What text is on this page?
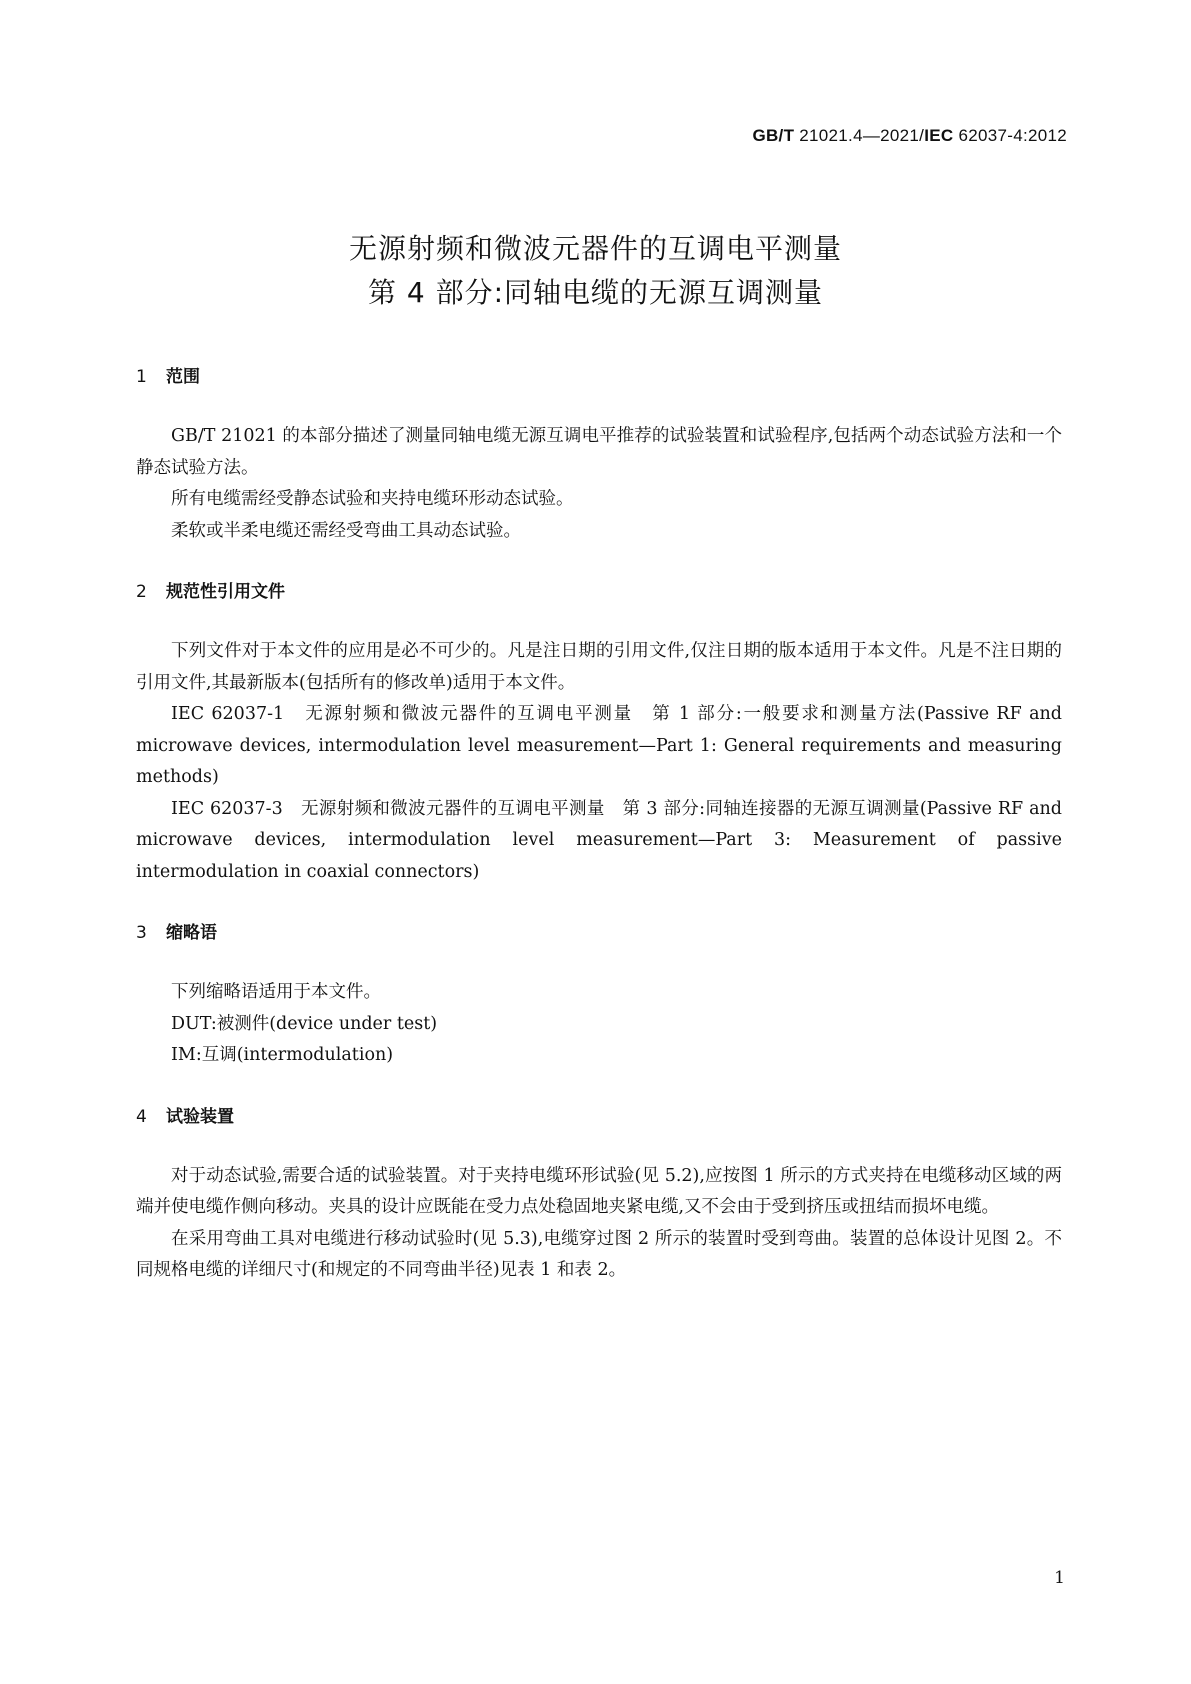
GB/T 21021.4—2021/IEC 62037-4:2012
无源射频和微波元器件的互调电平测量
第 4 部分:同轴电缆的无源互调测量
1 范围

GB/T 21021 的本部分描述了测量同轴电缆无源互调电平推荐的试验装置和试验程序,包括两个动态试验方法和一个静态试验方法。

所有电缆需经受静态试验和夹持电缆环形动态试验。

柔软或半柔电缆还需经受弯曲工具动态试验。

2 规范性引用文件

下列文件对于本文件的应用是必不可少的。凡是注日期的引用文件,仅注日期的版本适用于本文件。凡是不注日期的引用文件,其最新版本(包括所有的修改单)适用于本文件。

IEC 62037-1　无源射频和微波元器件的互调电平测量　第 1 部分:一般要求和测量方法(Passive RF and microwave devices, intermodulation level measurement—Part 1: General requirements and measuring methods)

IEC 62037-3　无源射频和微波元器件的互调电平测量　第 3 部分:同轴连接器的无源互调测量(Passive RF and microwave devices, intermodulation level measurement—Part 3: Measurement of passive intermodulation in coaxial connectors)

3 缩略语

下列缩略语适用于本文件。

DUT:被测件(device under test)

IM:互调(intermodulation)

4 试验装置

对于动态试验,需要合适的试验装置。对于夹持电缆环形试验(见 5.2),应按图 1 所示的方式夹持在电缆移动区域的两端并使电缆作侧向移动。夹具的设计应既能在受力点处稳固地夹紧电缆,又不会由于受到挤压或扭结而损坏电缆。

在采用弯曲工具对电缆进行移动试验时(见 5.3),电缆穿过图 2 所示的装置时受到弯曲。装置的总体设计见图 2。不同规格电缆的详细尺寸(和规定的不同弯曲半径)见表 1 和表 2。

1
